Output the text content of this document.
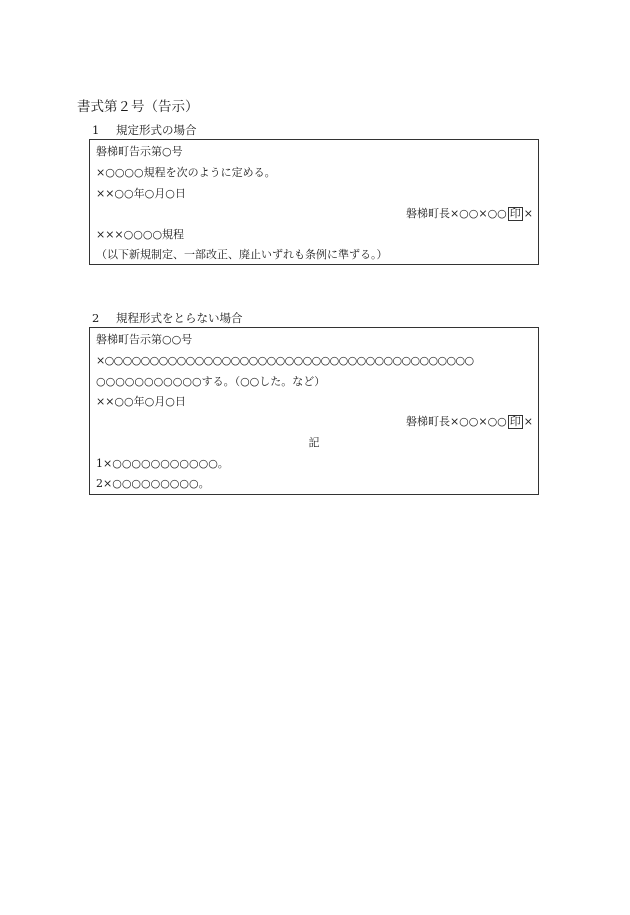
書式第２号（告示）
1 規定形式の場合
磐梯町告示第○号
×○○○○規程を次のように定める。
××○○年○月○日
磐梯町長×○○×○○ 印 ×
×××○○○○規程
（以下新規制定、一部改正、廃止いずれも条例に準ずる。）
2 規程形式をとらない場合
磐梯町告示第○○号
×○○○○○○○○○○○○○○○○○○○○○○○○○○○○○○○○○○○○○○○○○
○○○○○○○○○○○する。（○○した。など）
××○○年○月○日
磐梯町長×○○×○○ 印 ×
記
1×○○○○○○○○○○○。
2×○○○○○○○○○。
